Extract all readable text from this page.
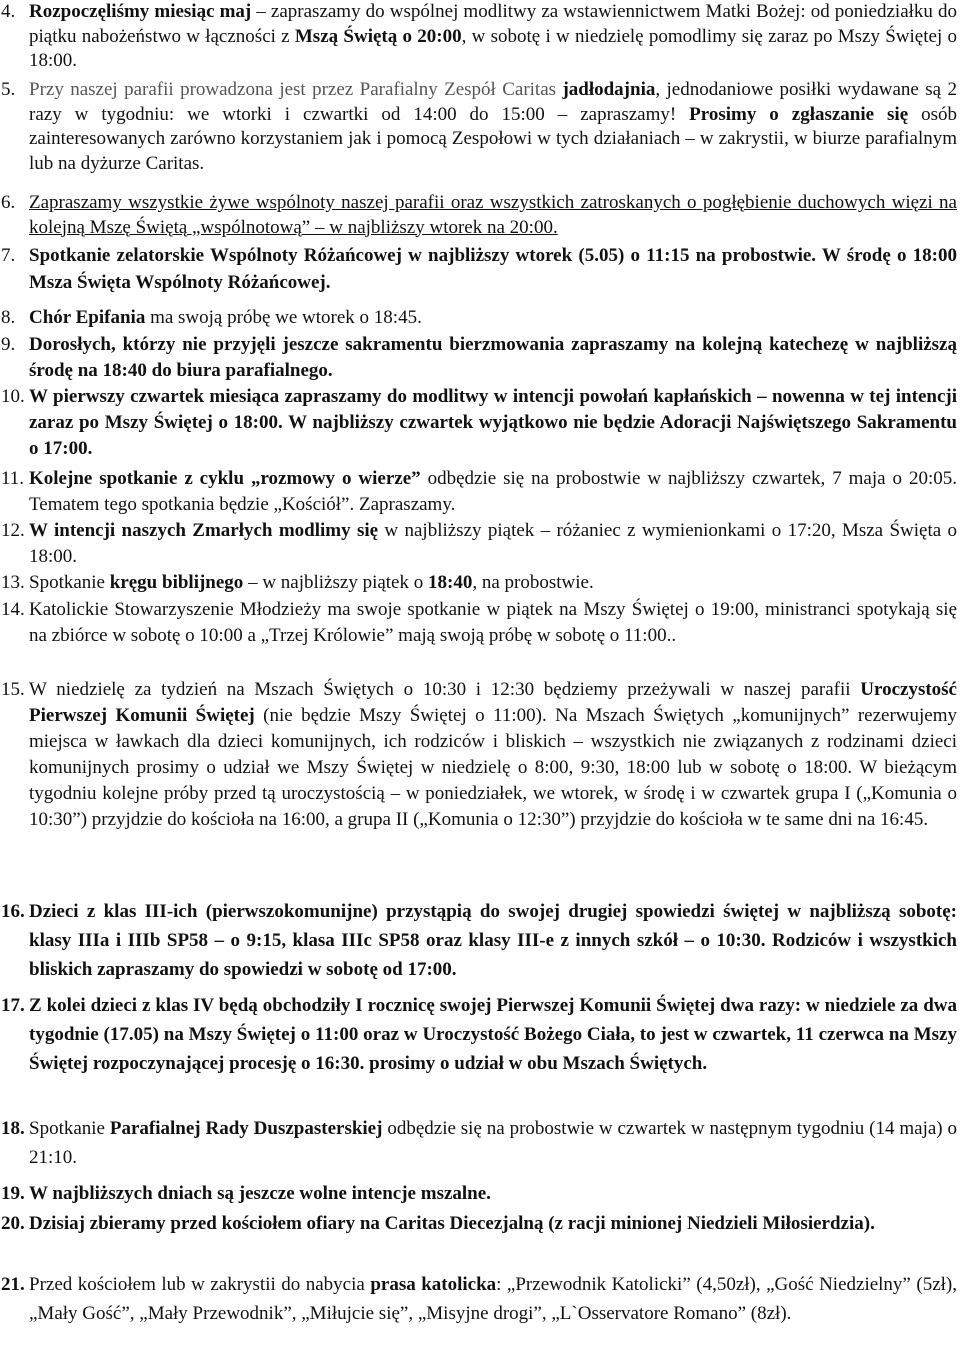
4. Rozpoczęliśmy miesiąc maj – zapraszamy do wspólnej modlitwy za wstawiennictwem Matki Bożej: od poniedziałku do piątku nabożeństwo w łączności z Mszą Świętą o 20:00, w sobotę i w niedzielę pomodlimy się zaraz po Mszy Świętej o 18:00.
5. Przy naszej parafii prowadzona jest przez Parafialny Zespół Caritas jadłodajnia, jednodaniowe posiłki wydawane są 2 razy w tygodniu: we wtorki i czwartki od 14:00 do 15:00 – zapraszamy! Prosimy o zgłaszanie się osób zainteresowanych zarówno korzystaniem jak i pomocą Zespołowi w tych działaniach – w zakrystii, w biurze parafialnym lub na dyżurze Caritas.
6. Zapraszamy wszystkie żywe wspólnoty naszej parafii oraz wszystkich zatroskanych o pogłębienie duchowych więzi na kolejną Mszę Świętą „wspólnotową” – w najbliższy wtorek na 20:00.
7. Spotkanie zelatorskie Wspólnoty Różańcowej w najbliższy wtorek (5.05) o 11:15 na probostwie. W środę o 18:00 Msza Święta Wspólnoty Różańcowej.
8. Chór Epifania ma swoją próbę we wtorek o 18:45.
9. Dorosłych, którzy nie przyjęli jeszcze sakramentu bierzmowania zapraszamy na kolejną katechezę w najbliższą środę na 18:40 do biura parafialnego.
10. W pierwszy czwartek miesiąca zapraszamy do modlitwy w intencji powołań kapłańskich – nowenna w tej intencji zaraz po Mszy Świętej o 18:00. W najbliższy czwartek wyjątkowo nie będzie Adoracji Najświętszego Sakramentu o 17:00.
11. Kolejne spotkanie z cyklu „rozmowy o wierze” odbędzie się na probostwie w najbliższy czwartek, 7 maja o 20:05. Tematem tego spotkania będzie „Kościół”. Zapraszamy.
12. W intencji naszych Zmarłych modlimy się w najbliższy piątek – różaniec z wymienionkami o 17:20, Msza Święta o 18:00.
13. Spotkanie kręgu biblijnego – w najbliższy piątek o 18:40, na probostwie.
14. Katolickie Stowarzyszenie Młodzieży ma swoje spotkanie w piątek na Mszy Świętej o 19:00, ministranci spotykają się na zbiórce w sobotę o 10:00 a „Trzej Królowie” mają swoją próbę w sobotę o 11:00..
15. W niedzielę za tydzień na Mszach Świętych o 10:30 i 12:30 będziemy przeżywali w naszej parafii Uroczystość Pierwszej Komunii Świętej (nie będzie Mszy Świętej o 11:00). Na Mszach Świętych „komunijnych” rezerwujemy miejsca w ławkach dla dzieci komunijnych, ich rodziców i bliskich – wszystkich nie związanych z rodzinami dzieci komunijnych prosimy o udział we Mszy Świętej w niedzielę o 8:00, 9:30, 18:00 lub w sobotę o 18:00. W bieżącym tygodniu kolejne próby przed tą uroczystością – w poniedziałek, we wtorek, w środę i w czwartek grupa I („Komunia o 10:30”) przyjdzie do kościoła na 16:00, a grupa II („Komunia o 12:30”) przyjdzie do kościoła w te same dni na 16:45.
16. Dzieci z klas III-ich (pierwszokomunijne) przystąpią do swojej drugiej spowiedzi świętej w najbliższą sobotę: klasy IIIa i IIIb SP58 – o 9:15, klasa IIIc SP58 oraz klasy III-e z innych szkół – o 10:30. Rodziców i wszystkich bliskich zapraszamy do spowiedzi w sobotę od 17:00.
17. Z kolei dzieci z klas IV będą obchodziły I rocznicę swojej Pierwszej Komunii Świętej dwa razy: w niedziele za dwa tygodnie (17.05) na Mszy Świętej o 11:00 oraz w Uroczystość Bożego Ciała, to jest w czwartek, 11 czerwca na Mszy Świętej rozpoczynającej procesję o 16:30. prosimy o udział w obu Mszach Świętych.
18. Spotkanie Parafialnej Rady Duszpasterskiej odbędzie się na probostwie w czwartek w następnym tygodniu (14 maja) o 21:10.
19. W najbliższych dniach są jeszcze wolne intencje mszalne.
20. Dzisiaj zbieramy przed kościołem ofiary na Caritas Diecezjalną (z racji minionej Niedzieli Miłosierdzia).
21. Przed kościołem lub w zakrystii do nabycia prasa katolicka: „Przewodnik Katolicki” (4,50zł), „Gość Niedzielny” (5zł), „Mały Gość”, „Mały Przewodnik”, „Miłujcie się”, „Misyjne drogi”, „L`Osservatore Romano” (8zł).
